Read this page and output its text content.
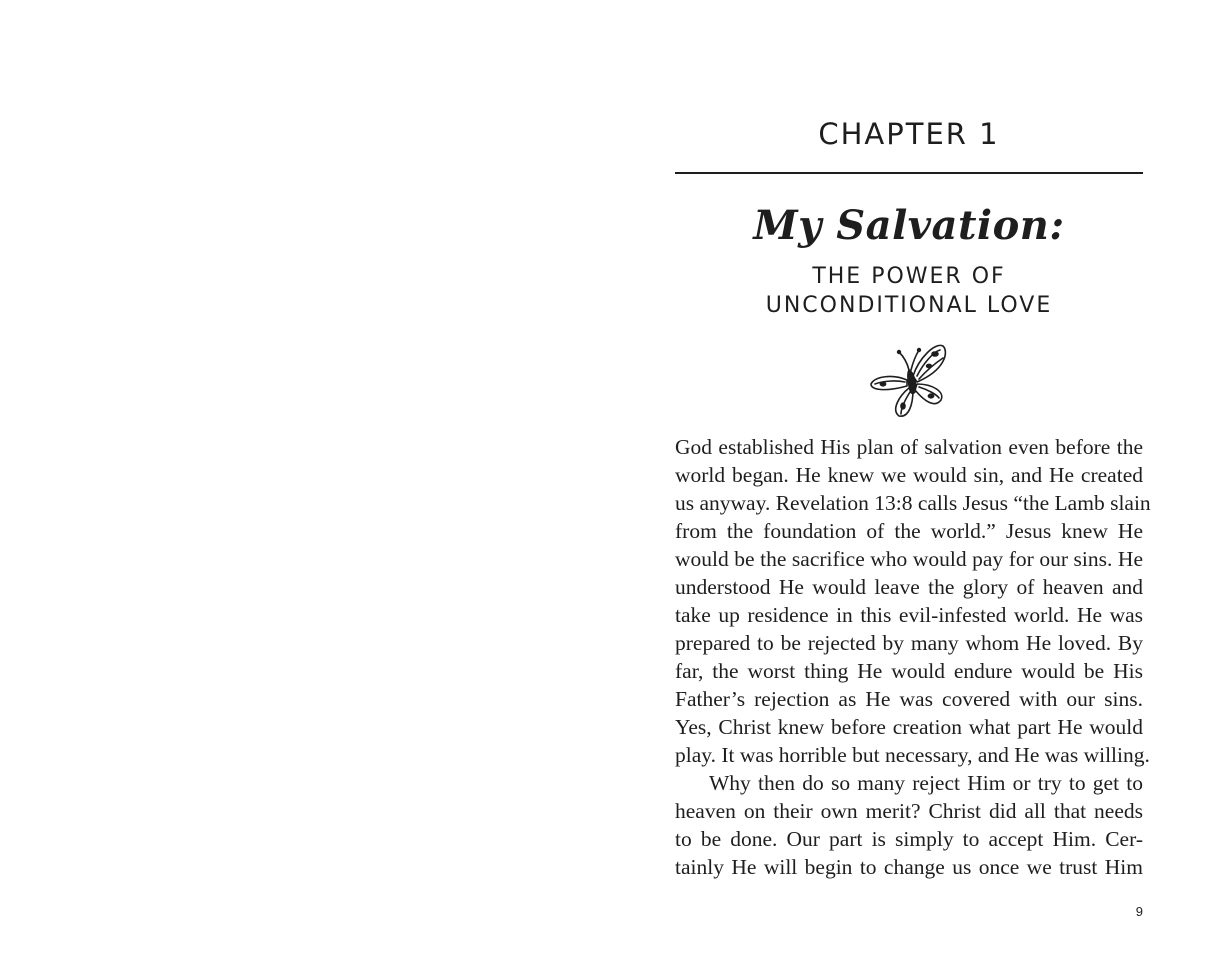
CHAPTER 1
My Salvation:
THE POWER OF
UNCONDITIONAL LOVE
God established His plan of salvation even before the
world began. He knew we would sin, and He created
us anyway. Revelation 13:8 calls Jesus “the Lamb slain
from the foundation of the world.” Jesus knew He
would be the sacrifice who would pay for our sins. He
understood He would leave the glory of heaven and
take up residence in this evil-infested world. He was
prepared to be rejected by many whom He loved. By
far, the worst thing He would endure would be His
Father’s rejection as He was covered with our sins.
Yes, Christ knew before creation what part He would
play. It was horrible but necessary, and He was willing.
Why then do so many reject Him or try to get to
heaven on their own merit? Christ did all that needs
to be done. Our part is simply to accept Him. Cer-
tainly He will begin to change us once we trust Him
9
